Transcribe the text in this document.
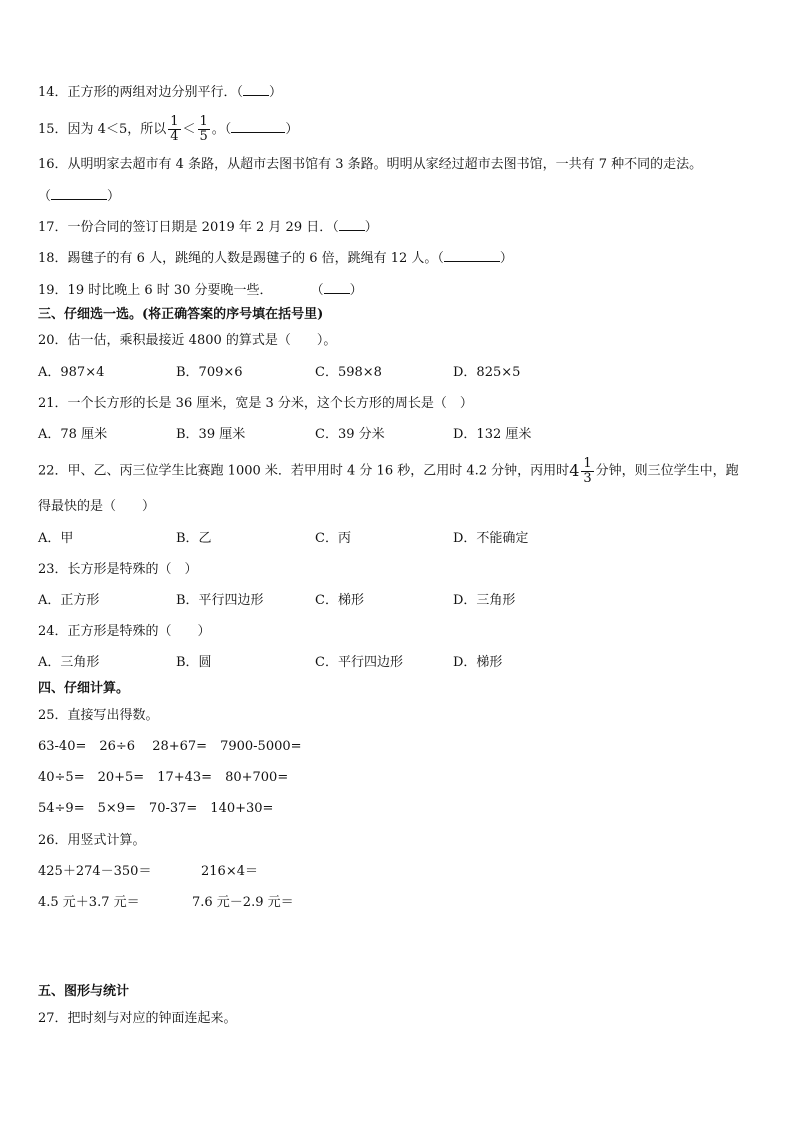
14．正方形的两组对边分别平行．（ ）
15．因为 4＜5，所以 $\frac{1}{4} < \frac{1}{5}$ 。（	）
16．从明明家去超市有 4 条路，从超市去图书馆有 3 条路。明明从家经过超市去图书馆，一共有 7 种不同的走法。
（	）
17．一份合同的签订日期是 2019 年 2 月 29 日．（ ）
18．踢毽子的有 6 人，跳绳的人数是踢毽子的 6 倍，跳绳有 12 人。（	）
19．19 时比晚上 6 时 30 分要晚一些．	（ ）
三、仔细选一选。(将正确答案的序号填在括号里)
20．估一估，乘积最接近 4800 的算式是（　　）。
A．987×4	B．709×6	C．598×8	D．825×5
21．一个长方形的长是 36 厘米，宽是 3 分米，这个长方形的周长是（　）
A．78 厘米	B．39 厘米	C．39 分米	D．132 厘米
22．甲、乙、丙三位学生比赛跑 1000 米．若甲用时 4 分 16 秒，乙用时 4.2 分钟，丙用时$4 \frac{1}{3}$ 分钟，则三位学生中，跑
得最快的是（　　）
A．甲	B．乙	C．丙	D．不能确定
23．长方形是特殊的（　）
A．正方形	B．平行四边形	C．梯形	D．三角形
24．正方形是特殊的（　　）
A．三角形	B．圆	C．平行四边形	D．梯形
四、仔细计算。
25．直接写出得数。
63-40=　26÷6　 28+67=　7900-5000=
40÷5=　20+5=　17+43=　80+700=
54÷9=　5×9=　70-37=　140+30=
26．用竖式计算。
425＋274－350＝	216×4＝
4.5 元＋3.7 元＝	7.6 元－2.9 元＝
五、图形与统计
27．把时刻与对应的钟面连起来。
